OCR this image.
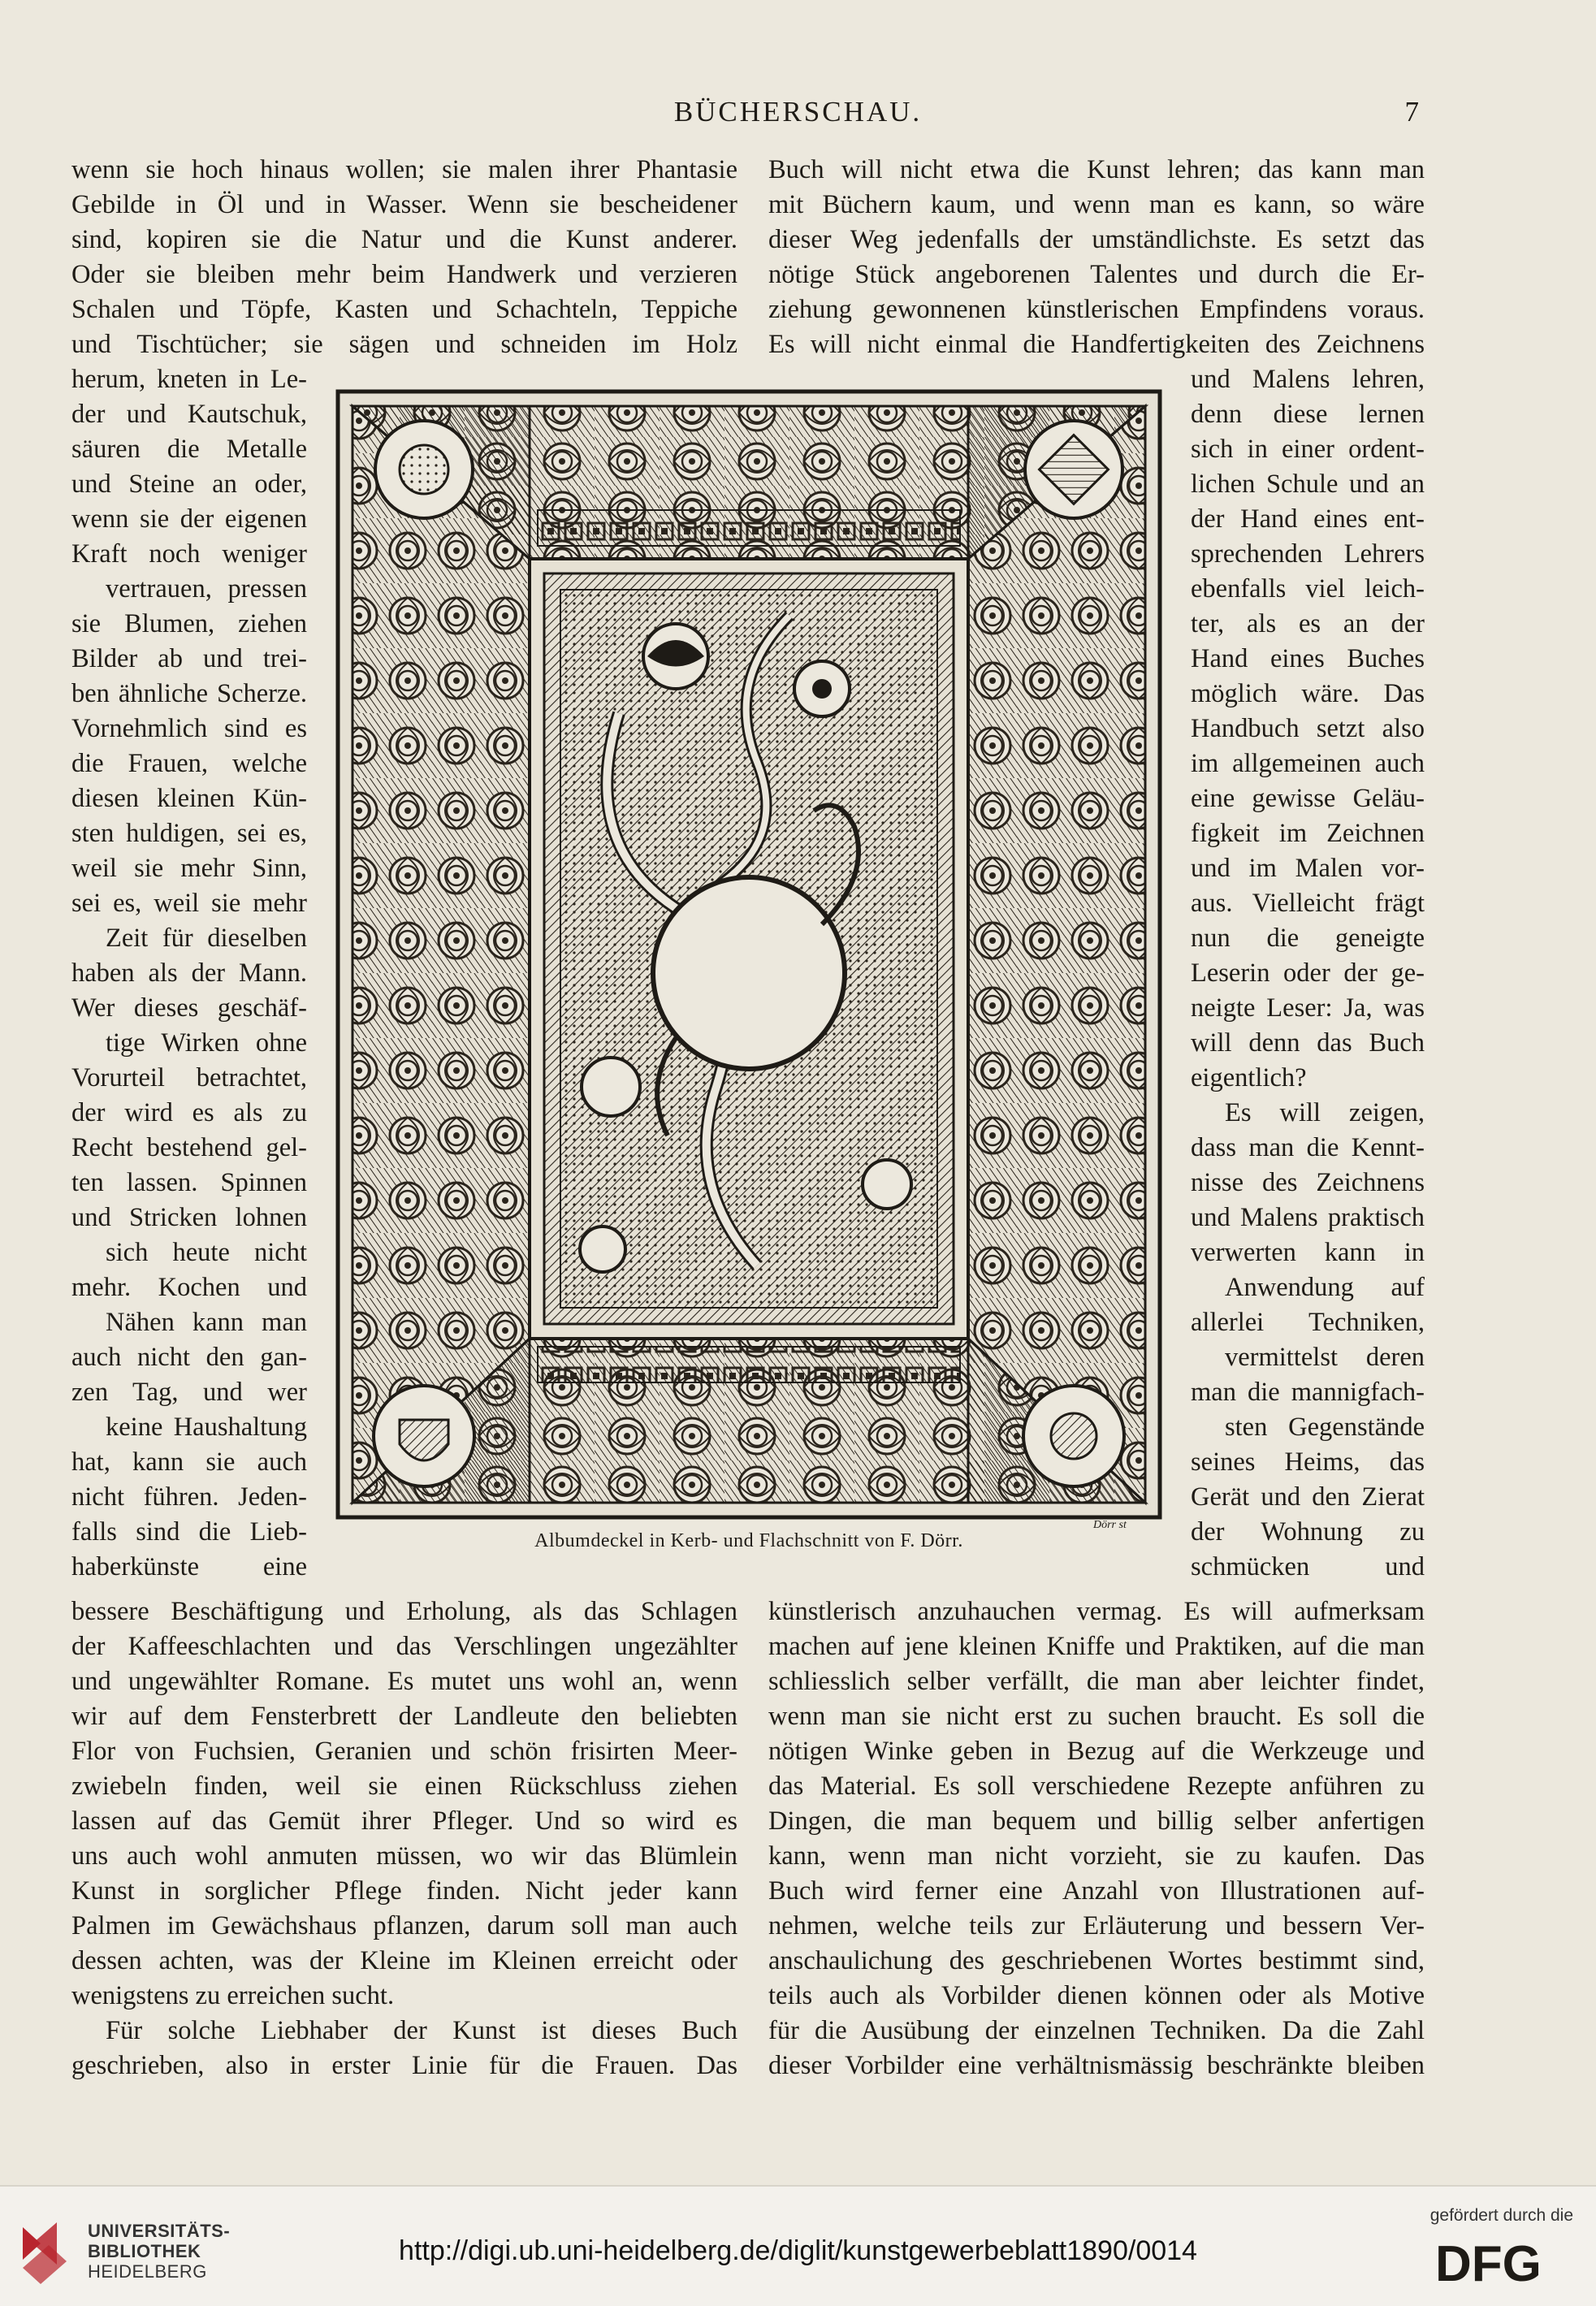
BÜCHERSCHAU.	7
wenn sie hoch hinaus wollen; sie malen ihrer Phantasie
Gebilde in Öl und in Wasser. Wenn sie bescheidener
sind, kopiren sie die Natur und die Kunst anderer.
Oder sie bleiben mehr beim Handwerk und verzieren
Schalen und Töpfe, Kasten und Schachteln, Teppiche
und Tischtücher; sie sägen und schneiden im Holz
Buch will nicht etwa die Kunst lehren; das kann man
mit Büchern kaum, und wenn man es kann, so wäre
dieser Weg jedenfalls der umständlichste. Es setzt das
nötige Stück angeborenen Talentes und durch die Er-
ziehung gewonnenen künstlerischen Empfindens voraus.
Es will nicht einmal die Handfertigkeiten des Zeichnens
herum, kneten in Le-
der und Kautschuk,
säuren die Metalle
und Steine an oder,
wenn sie der eigenen
Kraft noch weniger
vertrauen, pressen
sie Blumen, ziehen
Bilder ab und trei-
ben ähnliche Scherze.
Vornehmlich sind es
die Frauen, welche
diesen kleinen Kün-
sten huldigen, sei es,
weil sie mehr Sinn,
sei es, weil sie mehr
Zeit für dieselben
haben als der Mann.
Wer dieses geschäf-
tige Wirken ohne
Vorurteil betrachtet,
der wird es als zu
Recht bestehend gel-
ten lassen. Spinnen
und Stricken lohnen
sich heute nicht
mehr. Kochen und
Nähen kann man
auch nicht den gan-
zen Tag, und wer
keine Haushaltung
hat, kann sie auch
nicht führen. Jeden-
falls sind die Lieb-
haberkünste eine
und Malens lehren,
denn diese lernen
sich in einer ordent-
lichen Schule und an
der Hand eines ent-
sprechenden Lehrers
ebenfalls viel leich-
ter, als es an der
Hand eines Buches
möglich wäre. Das
Handbuch setzt also
im allgemeinen auch
eine gewisse Geläu-
figkeit im Zeichnen
und im Malen vor-
aus. Vielleicht frägt
nun die geneigte
Leserin oder der ge-
neigte Leser: Ja, was
will denn das Buch
eigentlich?
Es will zeigen,
dass man die Kennt-
nisse des Zeichnens
und Malens praktisch
verwerten kann in
Anwendung auf
allerlei Techniken,
vermittelst deren
man die mannigfach-
sten Gegenstände
seines Heims, das
Gerät und den Zierat
der Wohnung zu
schmücken und
bessere Beschäftigung und Erholung, als das Schlagen
der Kaffeeschlachten und das Verschlingen ungezählter
und ungewählter Romane. Es mutet uns wohl an, wenn
wir auf dem Fensterbrett der Landleute den beliebten
Flor von Fuchsien, Geranien und schön frisirten Meer-
zwiebeln finden, weil sie einen Rückschluss ziehen
lassen auf das Gemüt ihrer Pfleger. Und so wird es
uns auch wohl anmuten müssen, wo wir das Blümlein
Kunst in sorglicher Pflege finden. Nicht jeder kann
Palmen im Gewächshaus pflanzen, darum soll man auch
dessen achten, was der Kleine im Kleinen erreicht oder
wenigstens zu erreichen sucht.
Für solche Liebhaber der Kunst ist dieses Buch
geschrieben, also in erster Linie für die Frauen. Das
künstlerisch anzuhauchen vermag. Es will aufmerksam
machen auf jene kleinen Kniffe und Praktiken, auf die man
schliesslich selber verfällt, die man aber leichter findet,
wenn man sie nicht erst zu suchen braucht. Es soll die
nötigen Winke geben in Bezug auf die Werkzeuge und
das Material. Es soll verschiedene Rezepte anführen zu
Dingen, die man bequem und billig selber anfertigen
kann, wenn man nicht vorzieht, sie zu kaufen. Das
Buch wird ferner eine Anzahl von Illustrationen auf-
nehmen, welche teils zur Erläuterung und bessern Ver-
anschaulichung des geschriebenen Wortes bestimmt sind,
teils auch als Vorbilder dienen können oder als Motive
für die Ausübung der einzelnen Techniken. Da die Zahl
dieser Vorbilder eine verhältnismässig beschränkte bleiben
Albumdeckel in Kerb- und Flachschnitt von F. Dörr.
Dörr st
UNIVERSITÄTS-
BIBLIOTHEK
HEIDELBERG
http://digi.ub.uni-heidelberg.de/diglit/kunstgewerbeblatt1890/0014
gefördert durch die
DFG
